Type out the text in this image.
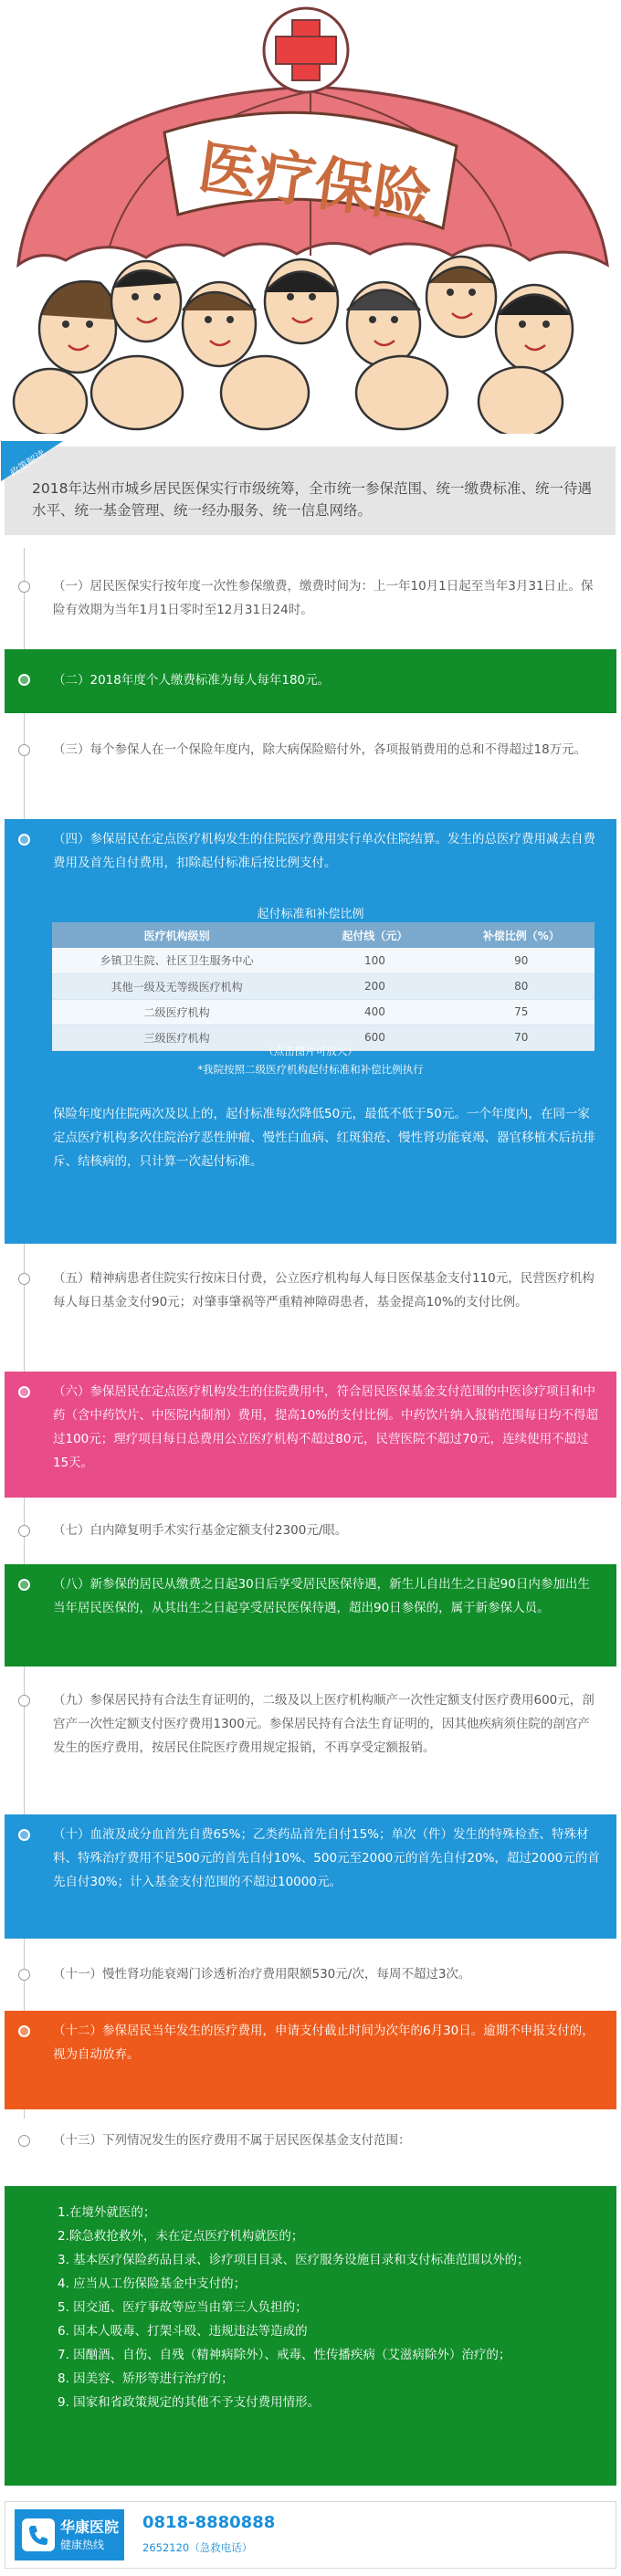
医疗保险
政策解读
2018年达州市城乡居民医保实行市级统筹，全市统一参保范围、统一缴费标准、统一待遇水平、统一基金管理、统一经办服务、统一信息网络。
（一）居民医保实行按年度一次性参保缴费，缴费时间为：上一年10月1日起至当年3月31日止。保险有效期为当年1月1日零时至12月31日24时。
（二）2018年度个人缴费标准为每人每年180元。
（三）每个参保人在一个保险年度内，除大病保险赔付外，各项报销费用的总和不得超过18万元。
（四）参保居民在定点医疗机构发生的住院医疗费用实行单次住院结算。发生的总医疗费用减去自费费用及首先自付费用，扣除起付标准后按比例支付。
保险年度内住院两次及以上的，起付标准每次降低50元，最低不低于50元。一个年度内，在同一家定点医疗机构多次住院治疗恶性肿瘤、慢性白血病、红斑狼疮、慢性肾功能衰竭、器官移植术后抗排斥、结核病的，只计算一次起付标准。
起付标准和补偿比例
医疗机构级别	起付线（元）	补偿比例（%）
乡镇卫生院、社区卫生服务中心	100	90
其他一级及无等级医疗机构	200	80
二级医疗机构	400	75
三级医疗机构	600	70
（点击图片可放大）
*我院按照二级医疗机构起付标准和补偿比例执行
（五）精神病患者住院实行按床日付费，公立医疗机构每人每日医保基金支付110元，民营医疗机构每人每日基金支付90元；对肇事肇祸等严重精神障碍患者，基金提高10%的支付比例。
（六）参保居民在定点医疗机构发生的住院费用中，符合居民医保基金支付范围的中医诊疗项目和中药（含中药饮片、中医院内制剂）费用，提高10%的支付比例。中药饮片纳入报销范围每日均不得超过100元；理疗项目每日总费用公立医疗机构不超过80元，民营医院不超过70元，连续使用不超过15天。
（七）白内障复明手术实行基金定额支付2300元/眼。
（八）新参保的居民从缴费之日起30日后享受居民医保待遇，新生儿自出生之日起90日内参加出生当年居民医保的，从其出生之日起享受居民医保待遇，超出90日参保的，属于新参保人员。
（九）参保居民持有合法生育证明的，二级及以上医疗机构顺产一次性定额支付医疗费用600元，剖宫产一次性定额支付医疗费用1300元。参保居民持有合法生育证明的，因其他疾病须住院的剖宫产发生的医疗费用，按居民住院医疗费用规定报销，不再享受定额报销。
（十）血液及成分血首先自费65%；乙类药品首先自付15%；单次（件）发生的特殊检查、特殊材料、特殊治疗费用不足500元的首先自付10%、500元至2000元的首先自付20%，超过2000元的首先自付30%；计入基金支付范围的不超过10000元。
（十一）慢性肾功能衰竭门诊透析治疗费用限额530元/次，每周不超过3次。
（十二）参保居民当年发生的医疗费用，申请支付截止时间为次年的6月30日。逾期不申报支付的，视为自动放弃。
（十三）下列情况发生的医疗费用不属于居民医保基金支付范围：
1.在境外就医的；
2.除急救抢救外，未在定点医疗机构就医的；
3. 基本医疗保险药品目录、诊疗项目目录、医疗服务设施目录和支付标准范围以外的；
4. 应当从工伤保险基金中支付的；
5. 因交通、医疗事故等应当由第三人负担的；
6. 因本人吸毒、打架斗殴、违规违法等造成的
7. 因酗酒、自伤、自残（精神病除外）、戒毒、性传播疾病（艾滋病除外）治疗的；
8. 因美容、矫形等进行治疗的；
9. 国家和省政策规定的其他不予支付费用情形。
华康医院
健康热线
0818-8880888
2652120（急救电话）
